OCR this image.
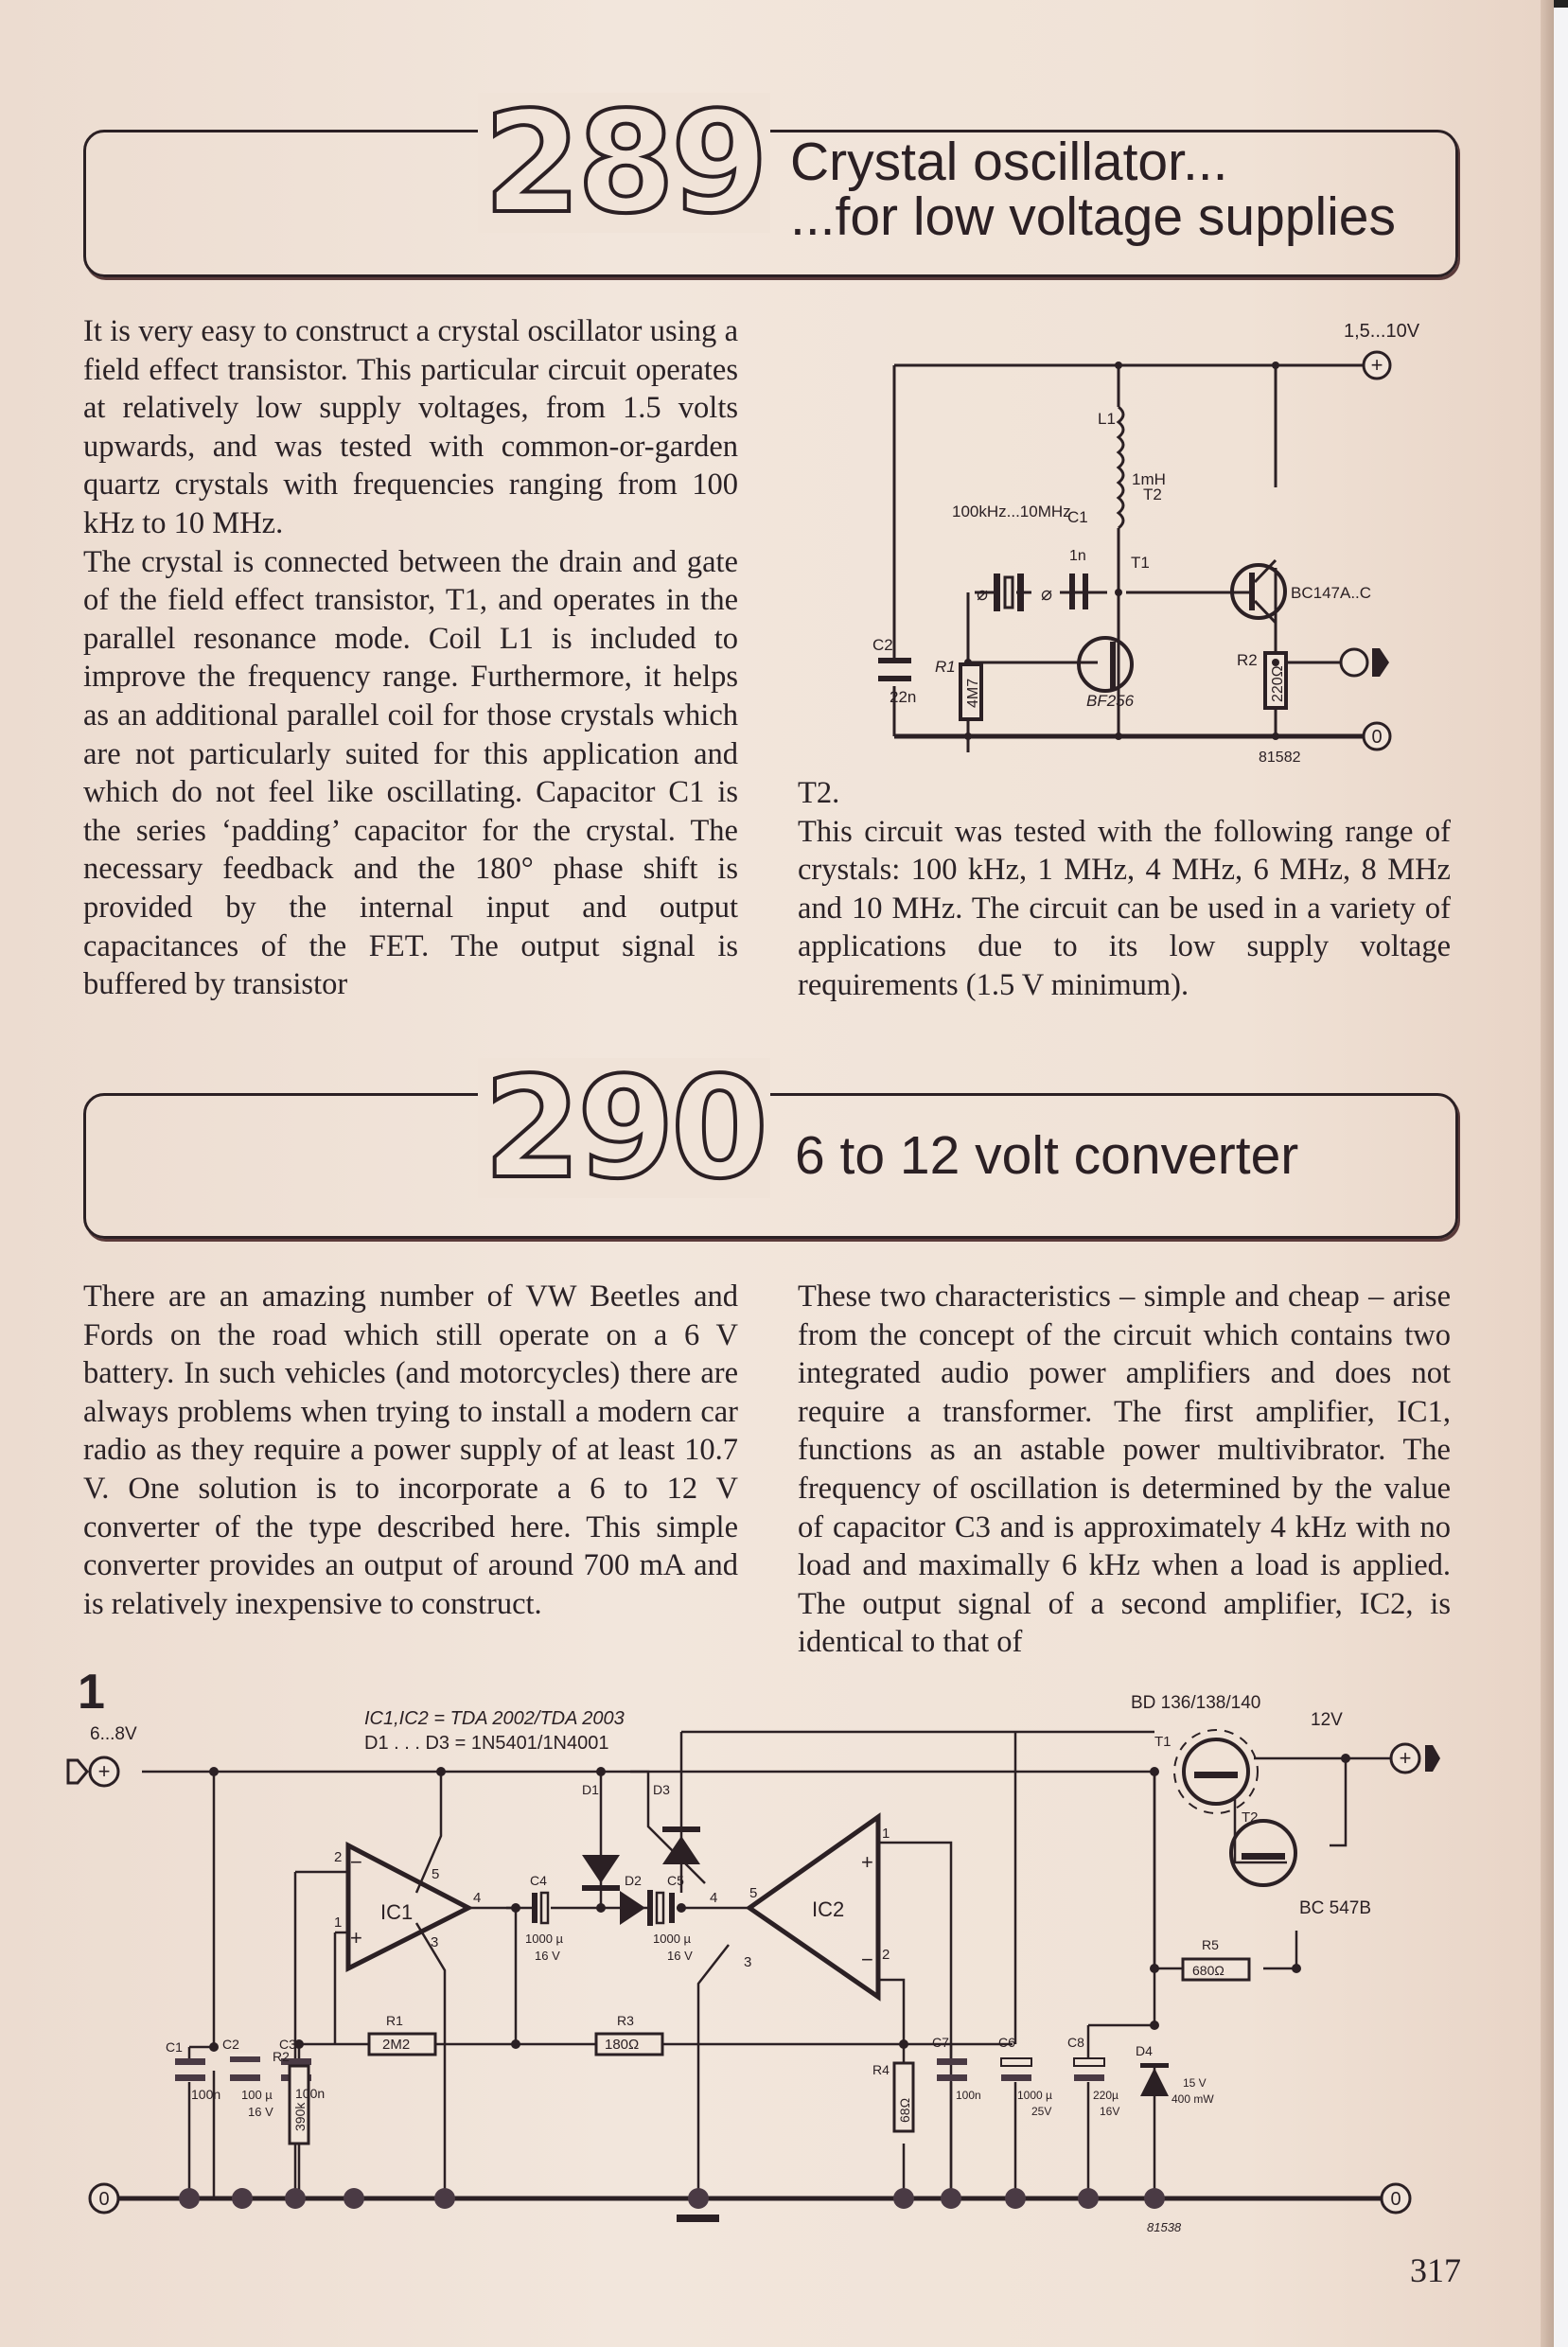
289 Crystal oscillator...
...for low voltage supplies

It is very easy to construct a crystal oscillator using a field effect transistor. This particular circuit operates at relatively low supply voltages, from 1.5 volts upwards, and was tested with common-or-garden quartz crystals with frequencies ranging from 100 kHz to 10 MHz.

The crystal is connected between the drain and gate of the field effect transistor, T1, and operates in the parallel resonance mode. Coil L1 is included to improve the frequency range. Furthermore, it helps as an additional parallel coil for those crystals which are not particularly suited for this application and which do not feel like oscillating. Capacitor C1 is the series ‘padding’ capacitor for the crystal. The necessary feedback and the 180° phase shift is provided by the internal input and output capacitances of the FET. The output signal is buffered by transistor

⌀	⌀
+
0
1,5...10V
100kHz...10MHz
C1
1n
L1
1mH
T2
BC147A..C
T1
BF256
C2
22n
R1
4M7
R2
220Ω
81582

T2.

This circuit was tested with the following range of crystals: 100 kHz, 1 MHz, 4 MHz, 6 MHz, 8 MHz and 10 MHz. The circuit can be used in a variety of applications due to its low supply voltage requirements (1.5 V minimum).

290 6 to 12 volt converter

There are an amazing number of VW Beetles and Fords on the road which still operate on a 6 V battery. In such vehicles (and motorcycles) there are always problems when trying to install a modern car radio as they require a power supply of at least 10.7 V. One solution is to incorporate a 6 to 12 V converter of the type described here. This simple converter provides an output of around 700 mA and is relatively inexpensive to construct.

These two characteristics – simple and cheap – arise from the concept of the circuit which contains two integrated audio power amplifiers and does not require a transformer. The first amplifier, IC1, functions as an astable power multivibrator. The frequency of oscillation is determined by the value of capacitor C3 and is approximately 4 kHz with no load and maximally 6 kHz when a load is applied. The output signal of a second amplifier, IC2, is identical to that of

1
+
+
0	0
6...8V
IC1,IC2 = TDA 2002/TDA 2003
D1 . . . D3 = 1N5401/1N4001
BD 136/138/140
12V
T1
T2
BC 547B
R5
680Ω
IC1	IC2
2
1
5
4
3
1
2
5
4
3
−
+
+
−
D1	D3
D2
C4
1000 µ
16 V
C5
1000 µ
16 V
R1
2M2
R3
180Ω
R2
390k
R4
68Ω
C1
100n
C2
100 µ
16 V
C3
100n
C7
100n
C6
1000 µ
25V
C8
220µ
16V
D4
15 V
400 mW
81538
317
